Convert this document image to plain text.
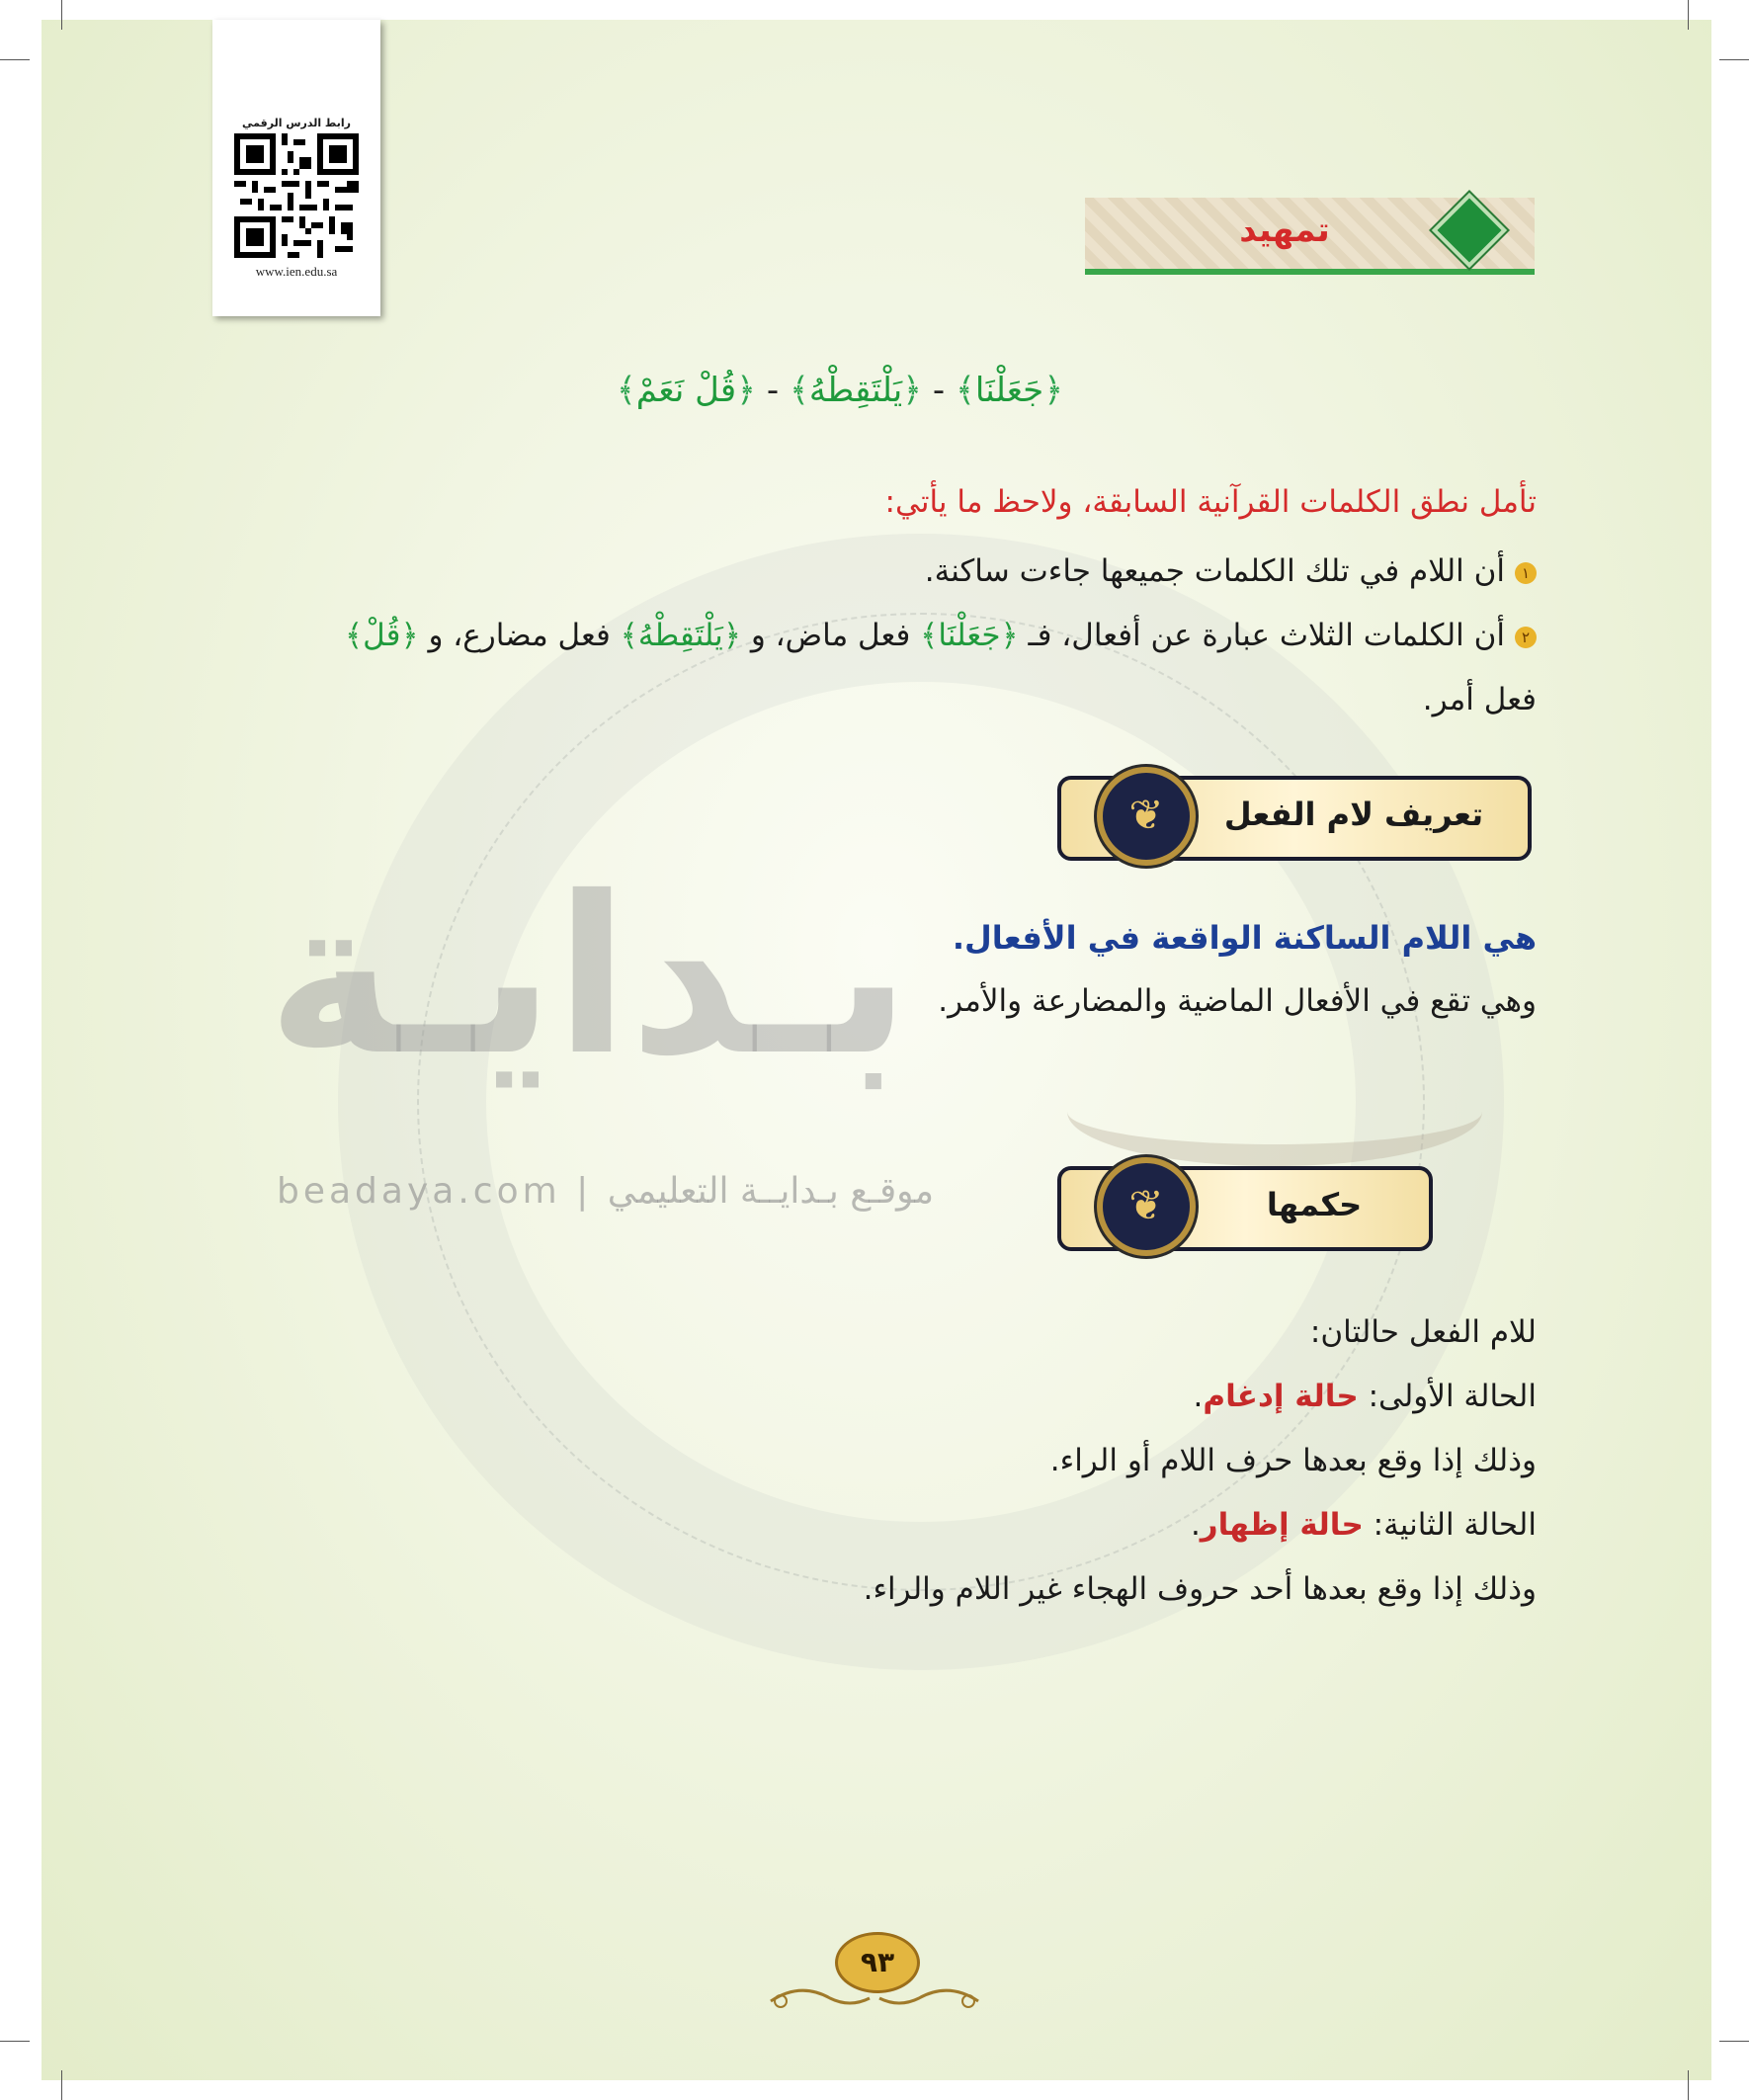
رابط الدرس الرقمي
www.ien.edu.sa
تمهيد
﴿جَعَلْنَا﴾ - ﴿يَلْتَقِطْهُ﴾ - ﴿قُلْ نَعَمْ﴾
تأمل نطق الكلمات القرآنية السابقة، ولاحظ ما يأتي:
١أن اللام في تلك الكلمات جميعها جاءت ساكنة.
٢أن الكلمات الثلاث عبارة عن أفعال، فـ ﴿جَعَلْنَا﴾ فعل ماض، و ﴿يَلْتَقِطْهُ﴾ فعل مضارع، و ﴿قُلْ﴾
فعل أمر.
بـدايـة
beadaya.com | موقـع بـدايــة التعليمي
❦	تعريف لام الفعل
هي اللام الساكنة الواقعة في الأفعال.
وهي تقع في الأفعال الماضية والمضارعة والأمر.
❦	حكمها
للام الفعل حالتان:
الحالة الأولى: حالة إدغام.
وذلك إذا وقع بعدها حرف اللام أو الراء.
الحالة الثانية: حالة إظهار.
وذلك إذا وقع بعدها أحد حروف الهجاء غير اللام والراء.
٩٣
